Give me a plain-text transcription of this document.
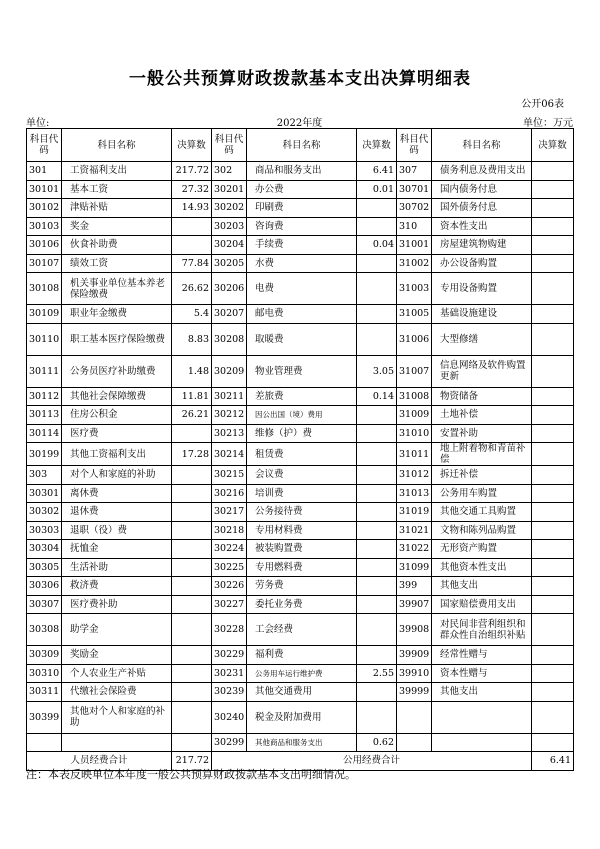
一般公共预算财政拨款基本支出决算明细表
公开06表
单位:	2022年度	单位：万元
科目代码	科目名称	决算数	科目代码	科目名称	决算数	科目代码	科目名称	决算数
301	工资福利支出	217.72	302	商品和服务支出	6.41	307	债务利息及费用支出	
30101	基本工资	27.32	30201	办公费	0.01	30701	国内债务付息	
30102	津贴补贴	14.93	30202	印刷费		30702	国外债务付息	
30103	奖金		30203	咨询费		310	资本性支出	
30106	伙食补助费		30204	手续费	0.04	31001	房屋建筑物购建	
30107	绩效工资	77.84	30205	水费		31002	办公设备购置	
30108	机关事业单位基本养老保险缴费	26.62	30206	电费		31003	专用设备购置	
30109	职业年金缴费	5.4	30207	邮电费		31005	基础设施建设	
30110	职工基本医疗保险缴费	8.83	30208	取暖费		31006	大型修缮	
30111	公务员医疗补助缴费	1.48	30209	物业管理费	3.05	31007	信息网络及软件购置更新	
30112	其他社会保障缴费	11.81	30211	差旅费	0.14	31008	物资储备	
30113	住房公积金	26.21	30212	因公出国（境）费用		31009	土地补偿	
30114	医疗费		30213	维修（护）费		31010	安置补助	
30199	其他工资福利支出	17.28	30214	租赁费		31011	地上附着物和青苗补偿	
303	对个人和家庭的补助		30215	会议费		31012	拆迁补偿	
30301	离休费		30216	培训费		31013	公务用车购置	
30302	退休费		30217	公务接待费		31019	其他交通工具购置	
30303	退职（役）费		30218	专用材料费		31021	文物和陈列品购置	
30304	抚恤金		30224	被装购置费		31022	无形资产购置	
30305	生活补助		30225	专用燃料费		31099	其他资本性支出	
30306	救济费		30226	劳务费		399	其他支出	
30307	医疗费补助		30227	委托业务费		39907	国家赔偿费用支出	
30308	助学金		30228	工会经费		39908	对民间非营利组织和群众性自治组织补贴	
30309	奖励金		30229	福利费		39909	经常性赠与	
30310	个人农业生产补贴		30231	公务用车运行维护费	2.55	39910	资本性赠与	
30311	代缴社会保险费		30239	其他交通费用		39999	其他支出	
30399	其他对个人和家庭的补助		30240	税金及附加费用				
			30299	其他商品和服务支出	0.62			
人员经费合计		217.72	公用经费合计					6.41
注：本表反映单位本年度一般公共预算财政拨款基本支出明细情况。
